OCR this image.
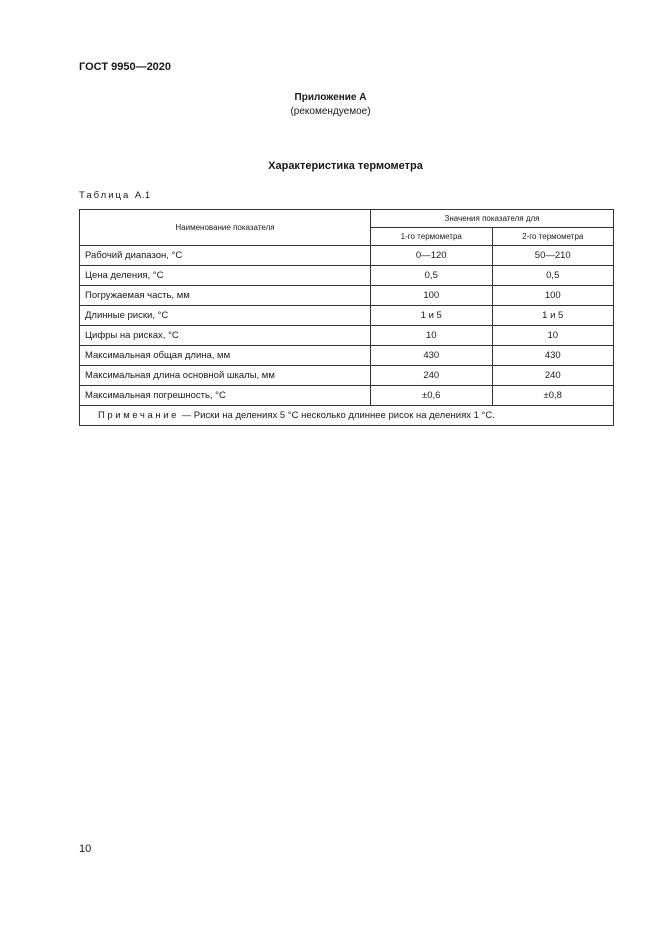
ГОСТ 9950—2020
Приложение А
(рекомендуемое)
Характеристика термометра
Таблица А.1
Наименование показателя	Значения показателя для	
	1-го термометра	2-го термометра
Рабочий диапазон, °С	0—120	50—210
Цена деления, °С	0,5	0,5
Погружаемая часть, мм	100	100
Длинные риски, °С	1 и 5	1 и 5
Цифры на рисках, °С	10	10
Максимальная общая длина, мм	430	430
Максимальная длина основной шкалы, мм	240	240
Максимальная погрешность, °С	±0,6	±0,8
Примечание — Риски на делениях 5 °С несколько длиннее рисок на делениях 1 °С.		
10
